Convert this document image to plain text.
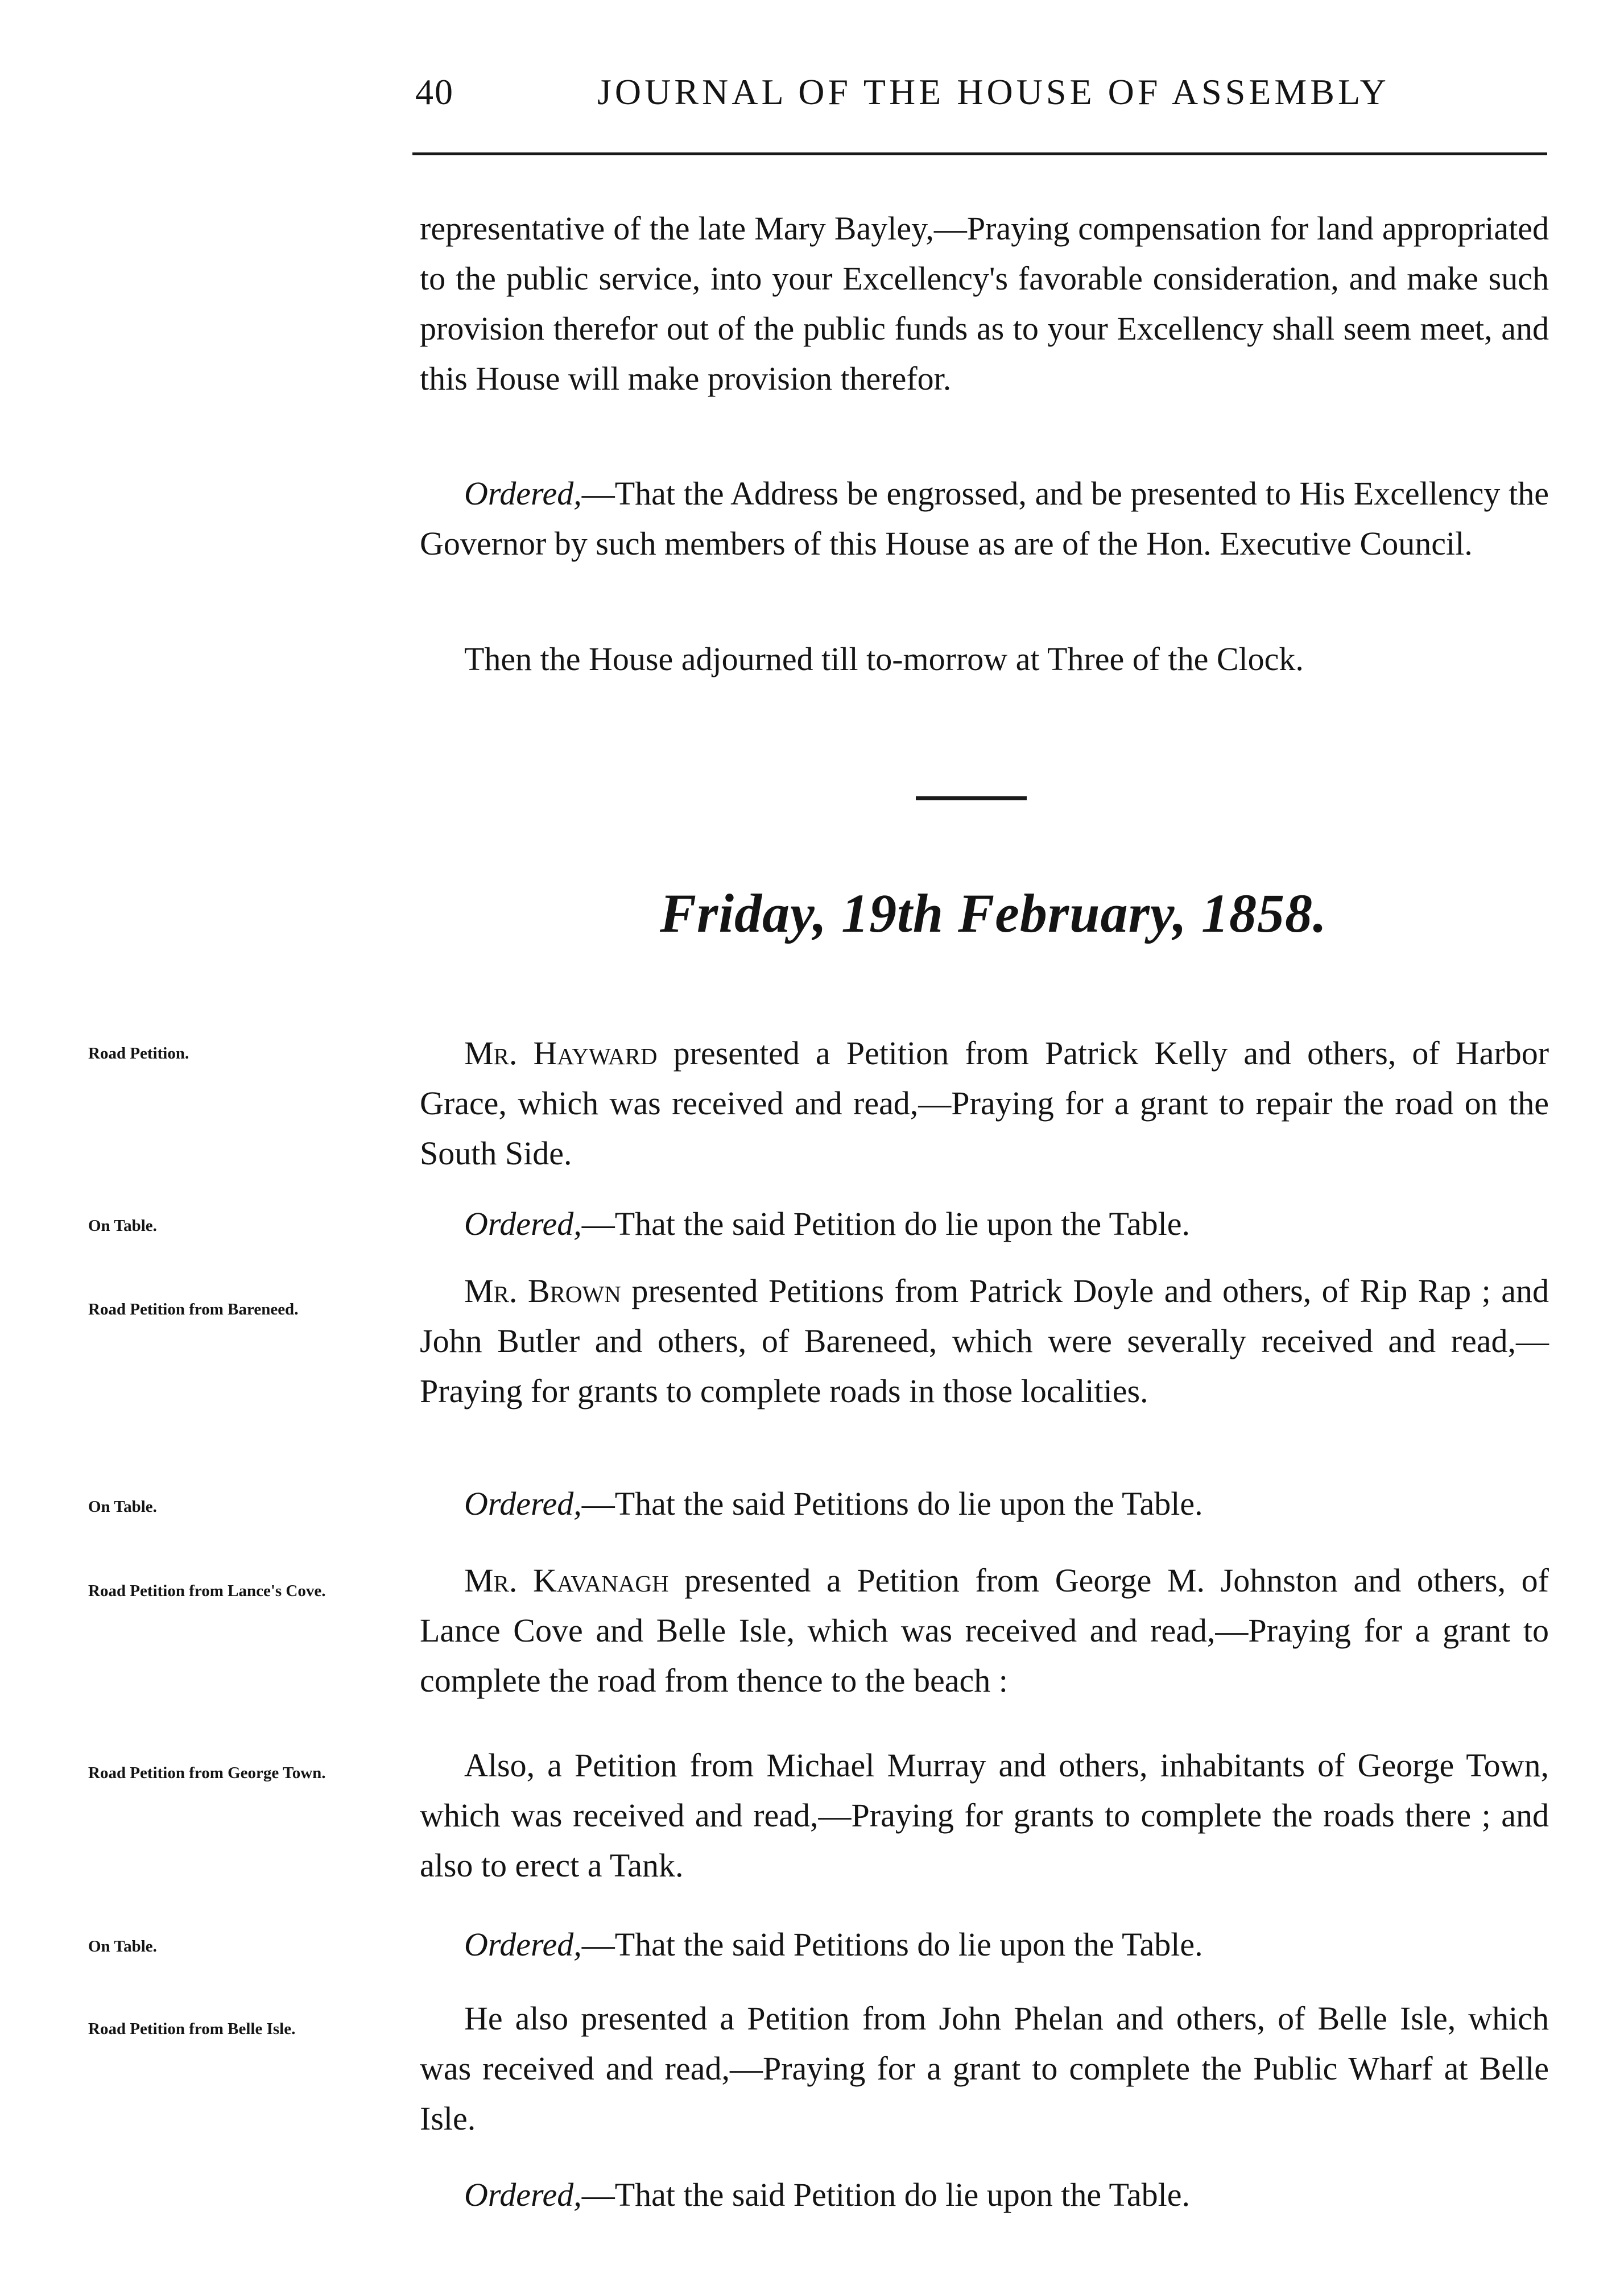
40	JOURNAL OF THE HOUSE OF ASSEMBLY

representative of the late Mary Bayley,—Praying compensation for land appropriated to the public service, into your Excellency's favorable consideration, and make such provision therefor out of the public funds as to your Excellency shall seem meet, and this House will make provision therefor.

Ordered,—That the Address be engrossed, and be presented to His Excellency the Governor by such members of this House as are of the Hon. Executive Council.

Then the House adjourned till to-morrow at Three of the Clock.

Friday, 19th February, 1858.

Road Petition.	Mr. Hayward presented a Petition from Patrick Kelly and others, of Harbor Grace, which was received and read,—Praying for a grant to repair the road on the South Side.

On Table.	Ordered,—That the said Petition do lie upon the Table.

Road Petition from Bareneed.	Mr. Brown presented Petitions from Patrick Doyle and others, of Rip Rap ; and John Butler and others, of Bareneed, which were severally received and read,—Praying for grants to complete roads in those localities.

On Table.	Ordered,—That the said Petitions do lie upon the Table.

Road Petition from Lance's Cove.	Mr. Kavanagh presented a Petition from George M. Johnston and others, of Lance Cove and Belle Isle, which was received and read,—Praying for a grant to complete the road from thence to the beach :

Road Petition from George Town.	Also, a Petition from Michael Murray and others, inhabitants of George Town, which was received and read,—Praying for grants to complete the roads there ; and also to erect a Tank.

On Table.	Ordered,—That the said Petitions do lie upon the Table.

Road Petition from Belle Isle.	He also presented a Petition from John Phelan and others, of Belle Isle, which was received and read,—Praying for a grant to complete the Public Wharf at Belle Isle.

Ordered,—That the said Petition do lie upon the Table.
